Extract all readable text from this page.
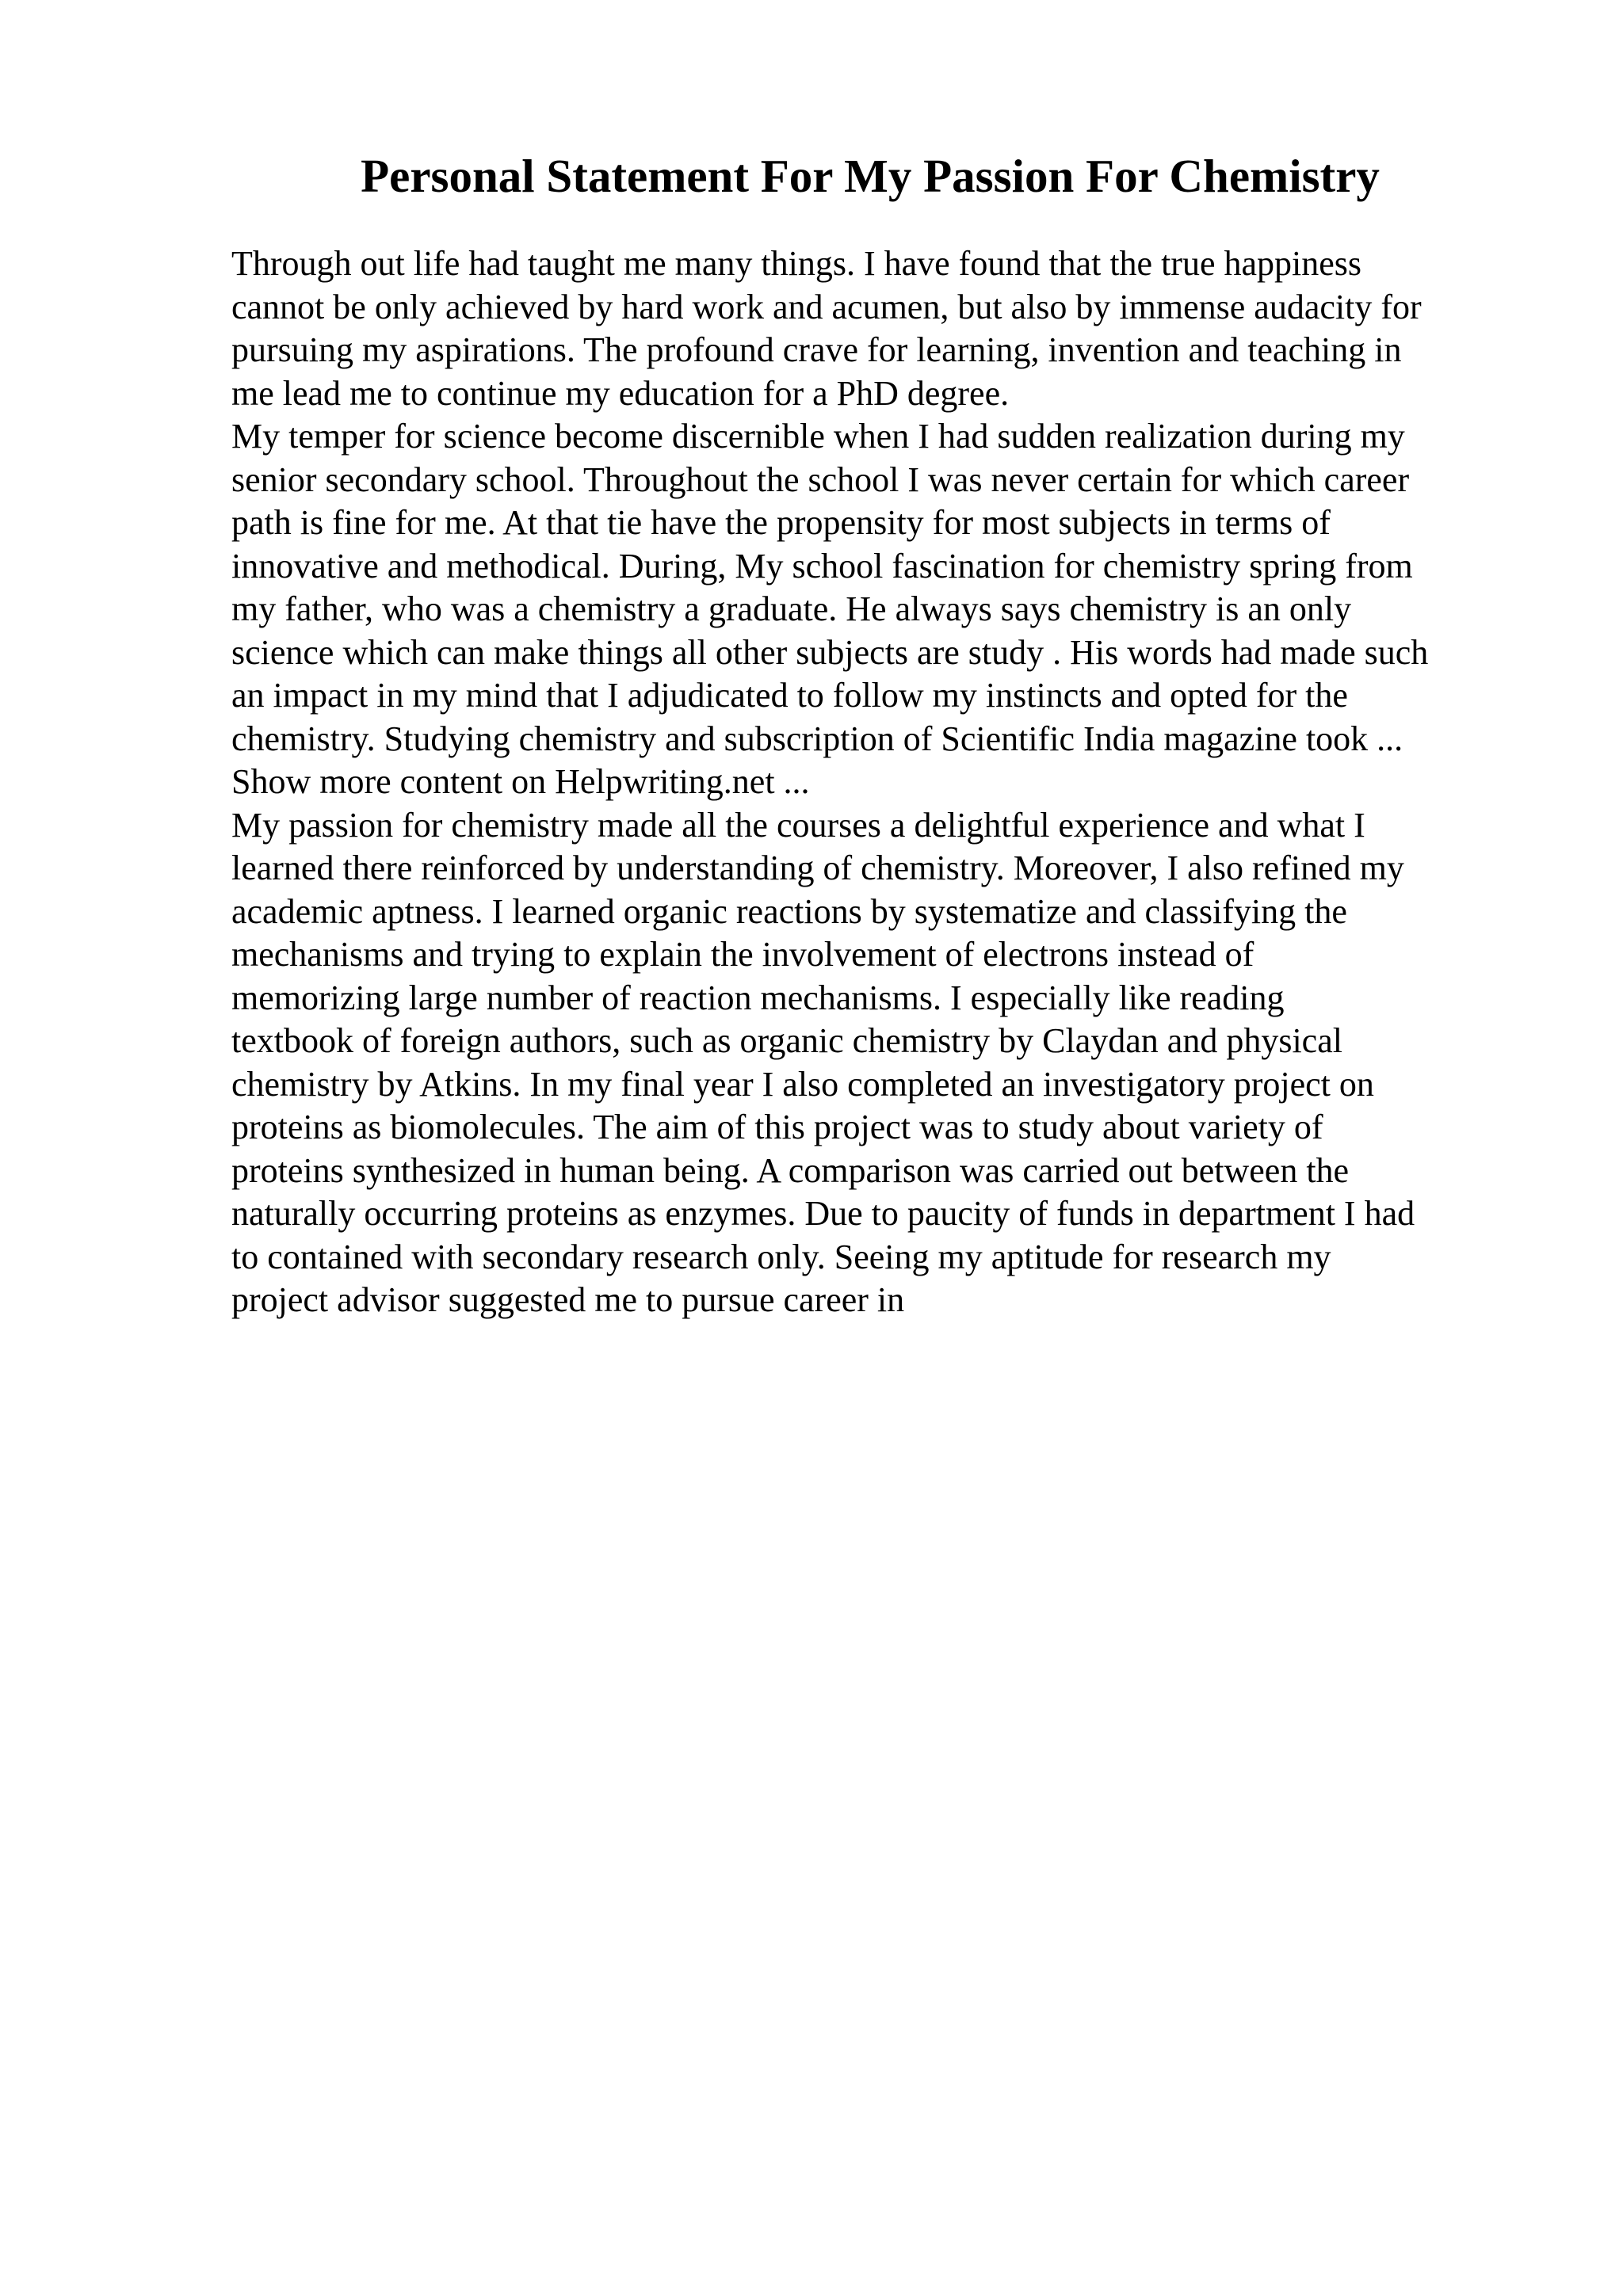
Personal Statement For My Passion For Chemistry
Through out life had taught me many things. I have found that the true happiness
cannot be only achieved by hard work and acumen, but also by immense audacity for
pursuing my aspirations. The profound crave for learning, invention and teaching in
me lead me to continue my education for a PhD degree.
My temper for science become discernible when I had sudden realization during my
senior secondary school. Throughout the school I was never certain for which career
path is fine for me. At that tie have the propensity for most subjects in terms of
innovative and methodical. During, My school fascination for chemistry spring from
my father, who was a chemistry a graduate. He always says chemistry is an only
science which can make things all other subjects are study . His words had made such
an impact in my mind that I adjudicated to follow my instincts and opted for the
chemistry. Studying chemistry and subscription of Scientific India magazine took ...
Show more content on Helpwriting.net ...
My passion for chemistry made all the courses a delightful experience and what I
learned there reinforced by understanding of chemistry. Moreover, I also refined my
academic aptness. I learned organic reactions by systematize and classifying the
mechanisms and trying to explain the involvement of electrons instead of
memorizing large number of reaction mechanisms. I especially like reading
textbook of foreign authors, such as organic chemistry by Claydan and physical
chemistry by Atkins. In my final year I also completed an investigatory project on
proteins as biomolecules. The aim of this project was to study about variety of
proteins synthesized in human being. A comparison was carried out between the
naturally occurring proteins as enzymes. Due to paucity of funds in department I had
to contained with secondary research only. Seeing my aptitude for research my
project advisor suggested me to pursue career in
